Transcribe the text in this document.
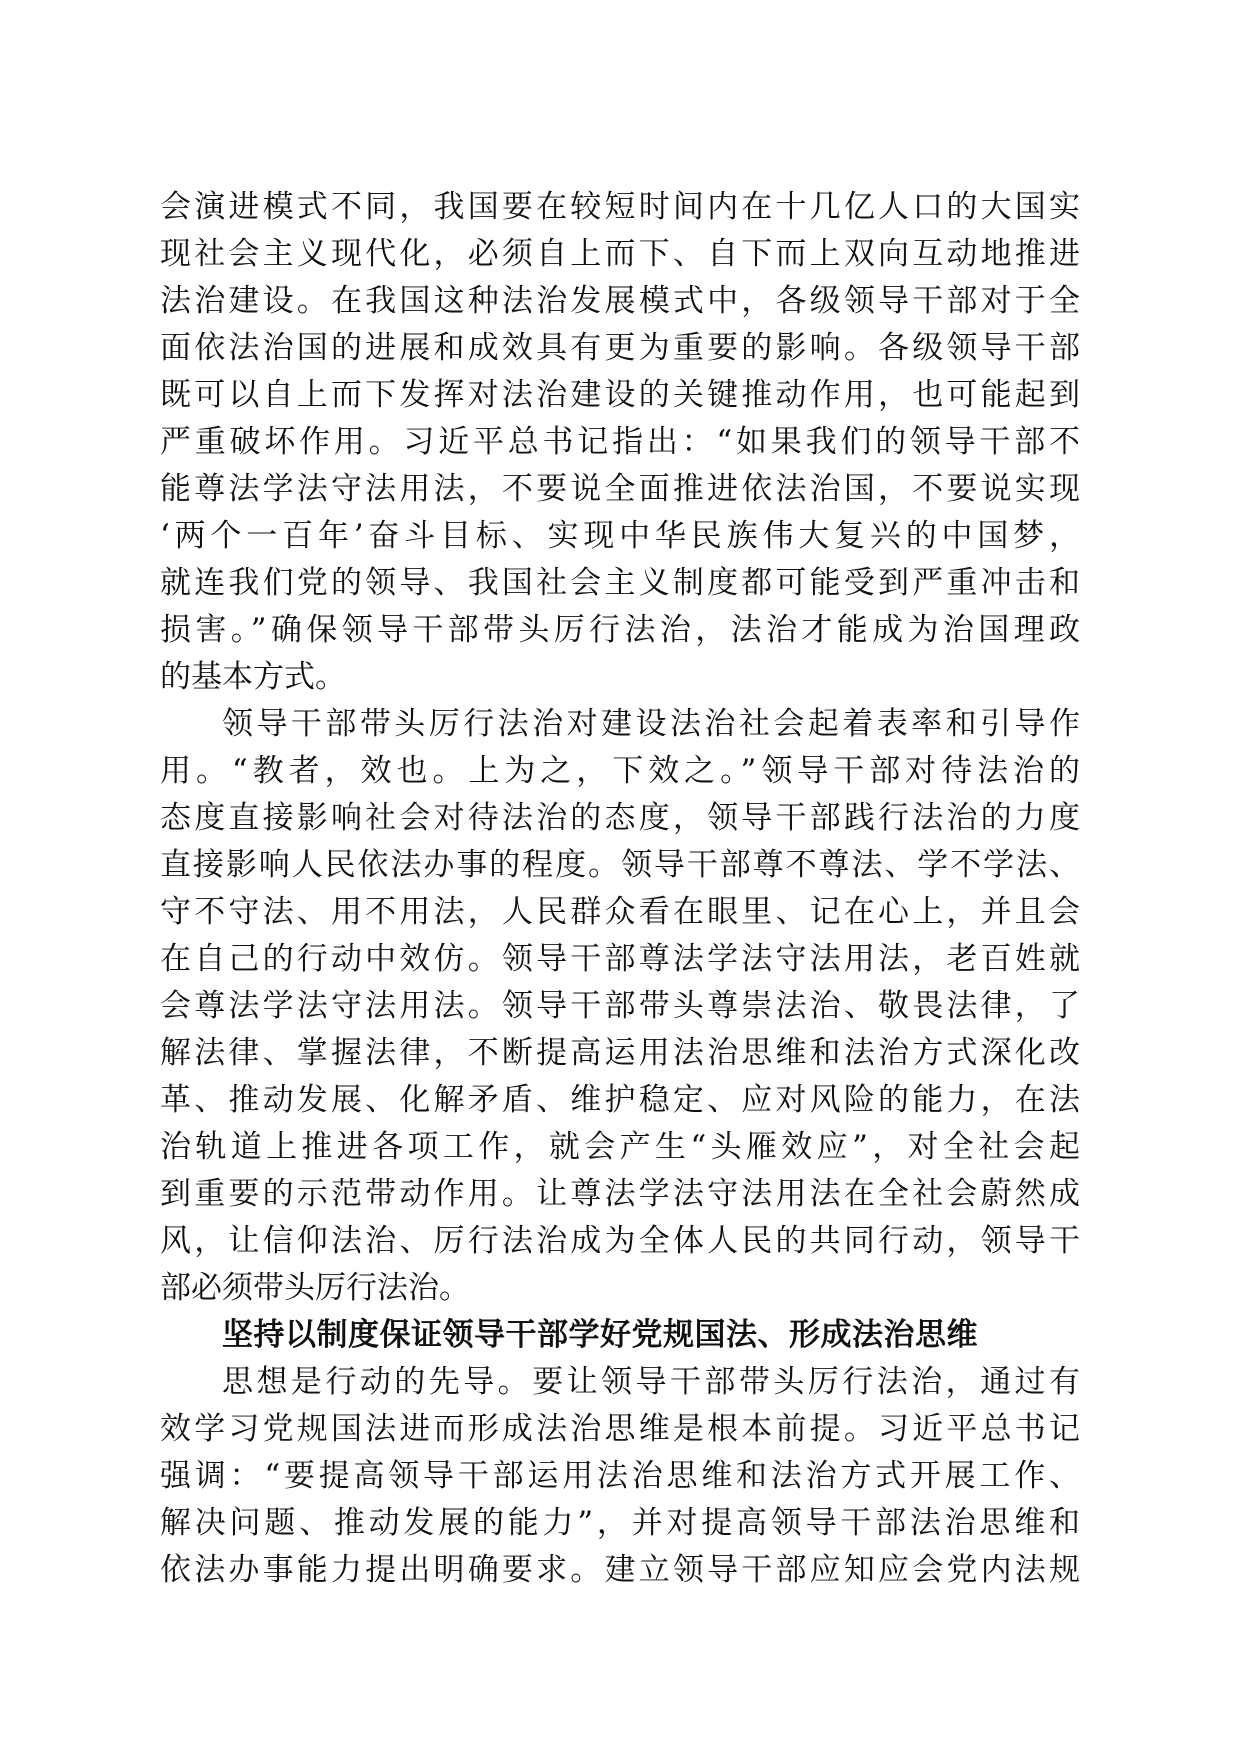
会演进模式不同，我国要在较短时间内在十几亿人口的大国实
现社会主义现代化，必须自上而下、自下而上双向互动地推进
法治建设。在我国这种法治发展模式中，各级领导干部对于全
面依法治国的进展和成效具有更为重要的影响。各级领导干部
既可以自上而下发挥对法治建设的关键推动作用，也可能起到
严重破坏作用。习近平总书记指出：“如果我们的领导干部不
能尊法学法守法用法，不要说全面推进依法治国，不要说实现
‘两个一百年’奋斗目标、实现中华民族伟大复兴的中国梦，
就连我们党的领导、我国社会主义制度都可能受到严重冲击和
损害。”确保领导干部带头厉行法治，法治才能成为治国理政
的基本方式。
领导干部带头厉行法治对建设法治社会起着表率和引导作
用。“教者，效也。上为之，下效之。”领导干部对待法治的
态度直接影响社会对待法治的态度，领导干部践行法治的力度
直接影响人民依法办事的程度。领导干部尊不尊法、学不学法、
守不守法、用不用法，人民群众看在眼里、记在心上，并且会
在自己的行动中效仿。领导干部尊法学法守法用法，老百姓就
会尊法学法守法用法。领导干部带头尊崇法治、敬畏法律，了
解法律、掌握法律，不断提高运用法治思维和法治方式深化改
革、推动发展、化解矛盾、维护稳定、应对风险的能力，在法
治轨道上推进各项工作，就会产生“头雁效应”，对全社会起
到重要的示范带动作用。让尊法学法守法用法在全社会蔚然成
风，让信仰法治、厉行法治成为全体人民的共同行动，领导干
部必须带头厉行法治。
坚持以制度保证领导干部学好党规国法、形成法治思维
思想是行动的先导。要让领导干部带头厉行法治，通过有
效学习党规国法进而形成法治思维是根本前提。习近平总书记
强调：“要提高领导干部运用法治思维和法治方式开展工作、
解决问题、推动发展的能力”，并对提高领导干部法治思维和
依法办事能力提出明确要求。建立领导干部应知应会党内法规
